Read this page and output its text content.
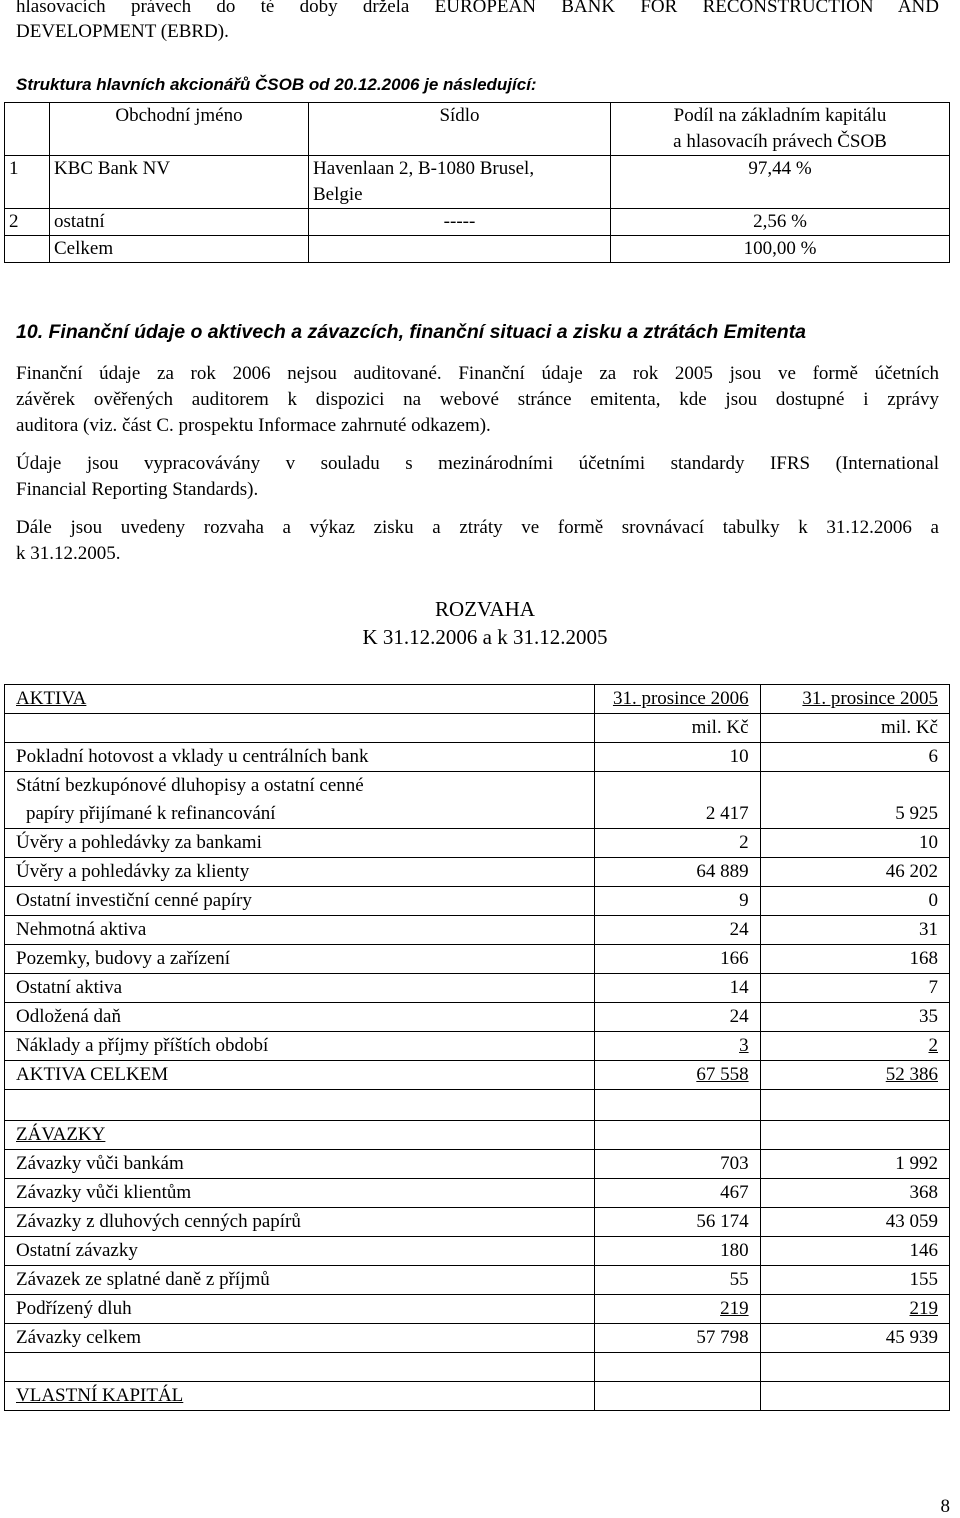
hlasovacích právech do té doby držela EUROPEAN BANK FOR RECONSTRUCTION AND
DEVELOPMENT (EBRD).
Struktura hlavních akcionářů ČSOB od 20.12.2006 je následující:
	Obchodní jméno	Sídlo	Podíl na základním kapitálu
a hlasovacíh právech ČSOB

1	KBC Bank NV	Havenlaan 2, B-1080 Brusel,
Belgie	97,44 %
2	ostatní	-----	2,56 %
	Celkem		100,00 %
10. Finanční údaje o aktivech a závazcích, finanční situaci a zisku a ztrátách Emitenta
Finanční údaje za rok 2006 nejsou auditované. Finanční údaje za rok 2005 jsou ve formě účetních
závěrek ověřených auditorem k dispozici na webové stránce emitenta, kde jsou dostupné i zprávy
auditora (viz. část C. prospektu Informace zahrnuté odkazem).
Údaje jsou vypracovávány v souladu s mezinárodními účetními standardy IFRS (International
Financial Reporting Standards).
Dále jsou uvedeny rozvaha a výkaz zisku a ztráty ve formě srovnávací tabulky k 31.12.2006 a
k 31.12.2005.
ROZVAHA
K 31.12.2006 a k 31.12.2005
AKTIVA	31. prosince 2006	31. prosince 2005
	mil. Kč	mil. Kč
Pokladní hotovost a vklady u centrálních bank	10	6

Státní bezkupónové dluhopisy a ostatní cenné
papíry přijímané k refinancování	2 417	5 925
Úvěry a pohledávky za bankami	2	10
Úvěry a pohledávky za klienty	64 889	46 202
Ostatní investiční cenné papíry	9	0
Nehmotná aktiva	24	31
Pozemky, budovy a zařízení	166	168
Ostatní aktiva	14	7
Odložená daň	24	35
Náklady a příjmy příštích období	3	2
AKTIVA CELKEM	67 558	52 386

ZÁVAZKY		
Závazky vůči bankám	703	1 992
Závazky vůči klientům	467	368
Závazky z dluhových cenných papírů	56 174	43 059
Ostatní závazky	180	146
Závazek ze splatné daně z příjmů	55	155
Podřízený dluh	219	219
Závazky celkem	57 798	45 939

VLASTNÍ KAPITÁL		
8
